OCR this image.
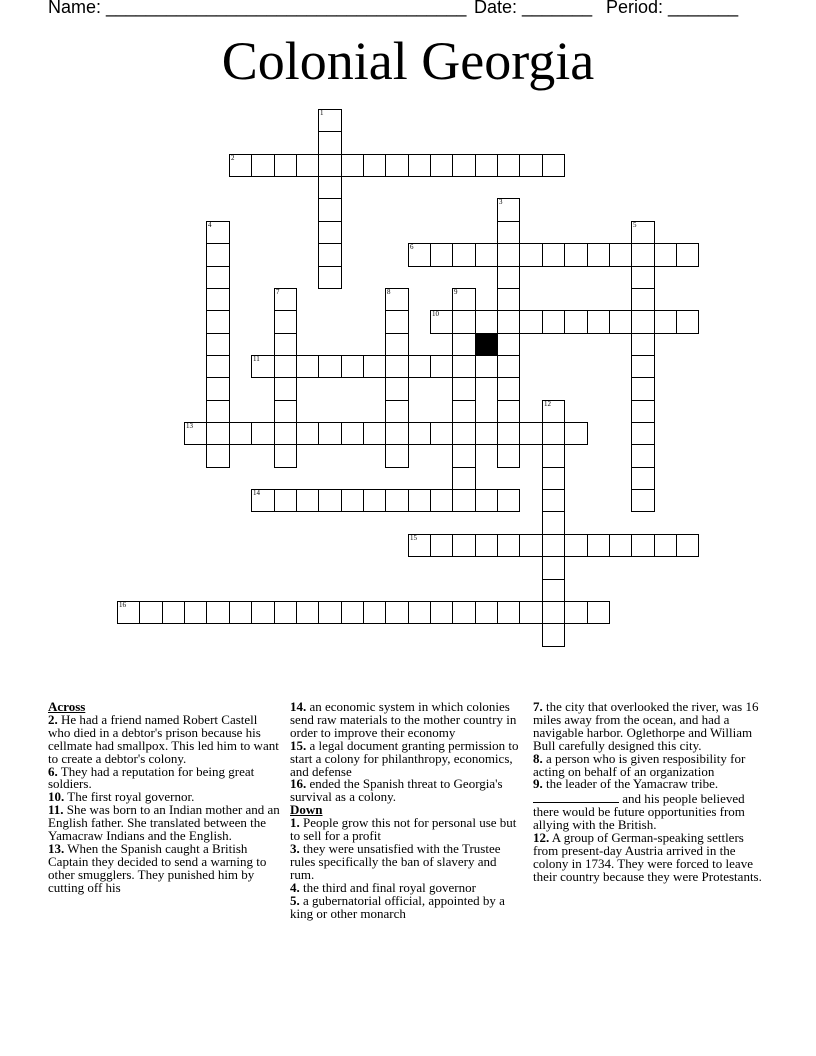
Name: ____________________________________

Date: _______

Period: _______

Colonial Georgia
1
2
3
4	5
6
7	8	9
10
11
12
13
14
15
16

Across

2. He had a friend named Robert Castell who died in a debtor's prison because his cellmate had smallpox. This led him to want to create a debtor's colony.

6. They had a reputation for being great soldiers.

10. The first royal governor.

11. She was born to an Indian mother and an English father. She translated between the Yamacraw Indians and the English.

13. When the Spanish caught a British Captain they decided to send a warning to other smugglers. They punished him by cutting off his

14. an economic system in which colonies send raw materials to the mother country in order to improve their economy

15. a legal document granting permission to start a colony for philanthropy, economics, and defense

16. ended the Spanish threat to Georgia's survival as a colony.

Down

1. People grow this not for personal use but to sell for a profit

3. they were unsatisfied with the Trustee rules specifically the ban of slavery and rum.

4. the third and final royal governor

5. a gubernatorial official, appointed by a king or other monarch

7. the city that overlooked the river, was 16 miles away from the ocean, and had a navigable harbor. Oglethorpe and William Bull carefully designed this city.

8. a person who is given resposibility for acting on behalf of an organization

9. the leader of the Yamacraw tribe.
and his people believed there would be future opportunities from allying with the British.

12. A group of German-speaking settlers from present-day Austria arrived in the colony in 1734. They were forced to leave their country because they were Protestants.
